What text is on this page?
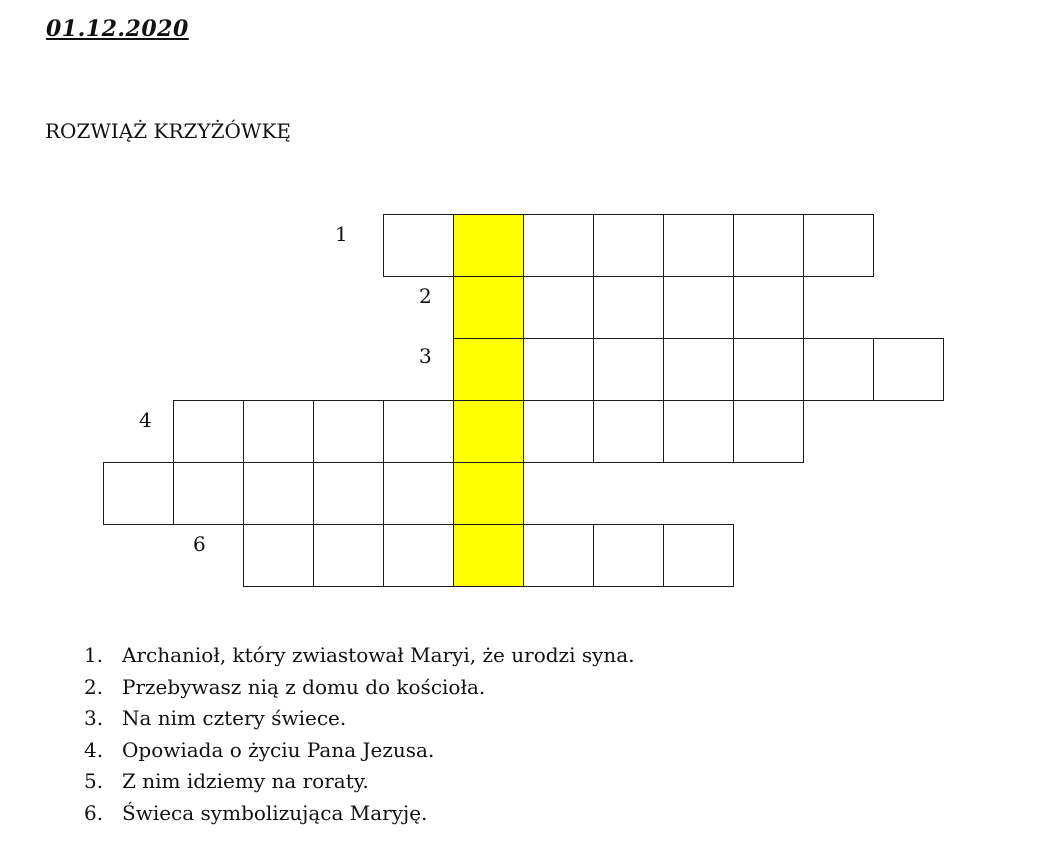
01.12.2020
ROZWIĄŻ KRZYŻÓWKĘ
1
2
3
4
6
1. Archanioł, który zwiastował Maryi, że urodzi syna.
2. Przebywasz nią z domu do kościoła.
3. Na nim cztery świece.
4. Opowiada o życiu Pana Jezusa.
5. Z nim idziemy na roraty.
6. Świeca symbolizująca Maryję.
